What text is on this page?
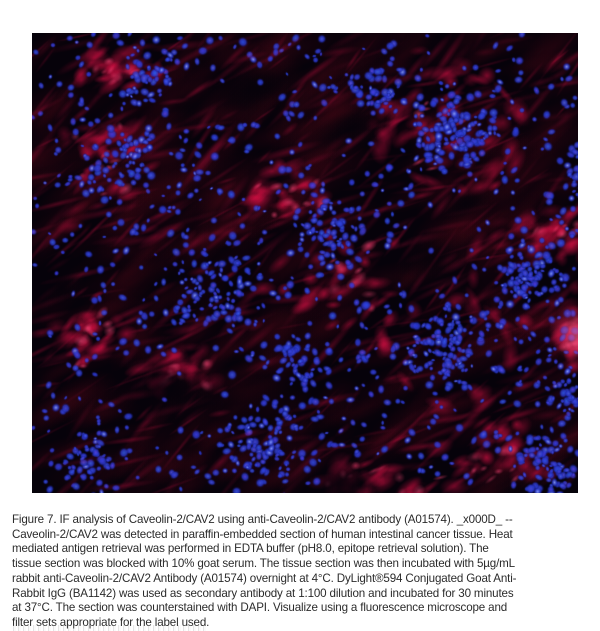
Figure 7. IF analysis of Caveolin-2/CAV2 using anti-Caveolin-2/CAV2 antibody (A01574). _x000D_ --
Caveolin-2/CAV2 was detected in paraffin-embedded section of human intestinal cancer tissue. Heat
mediated antigen retrieval was performed in EDTA buffer (pH8.0, epitope retrieval solution). The
tissue section was blocked with 10% goat serum. The tissue section was then incubated with 5µg/mL
rabbit anti-Caveolin-2/CAV2 Antibody (A01574) overnight at 4°C. DyLight®594 Conjugated Goat Anti-
Rabbit IgG (BA1142) was used as secondary antibody at 1:100 dilution and incubated for 30 minutes
at 37°C. The section was counterstained with DAPI. Visualize using a fluorescence microscope and
filter sets appropriate for the label used.
